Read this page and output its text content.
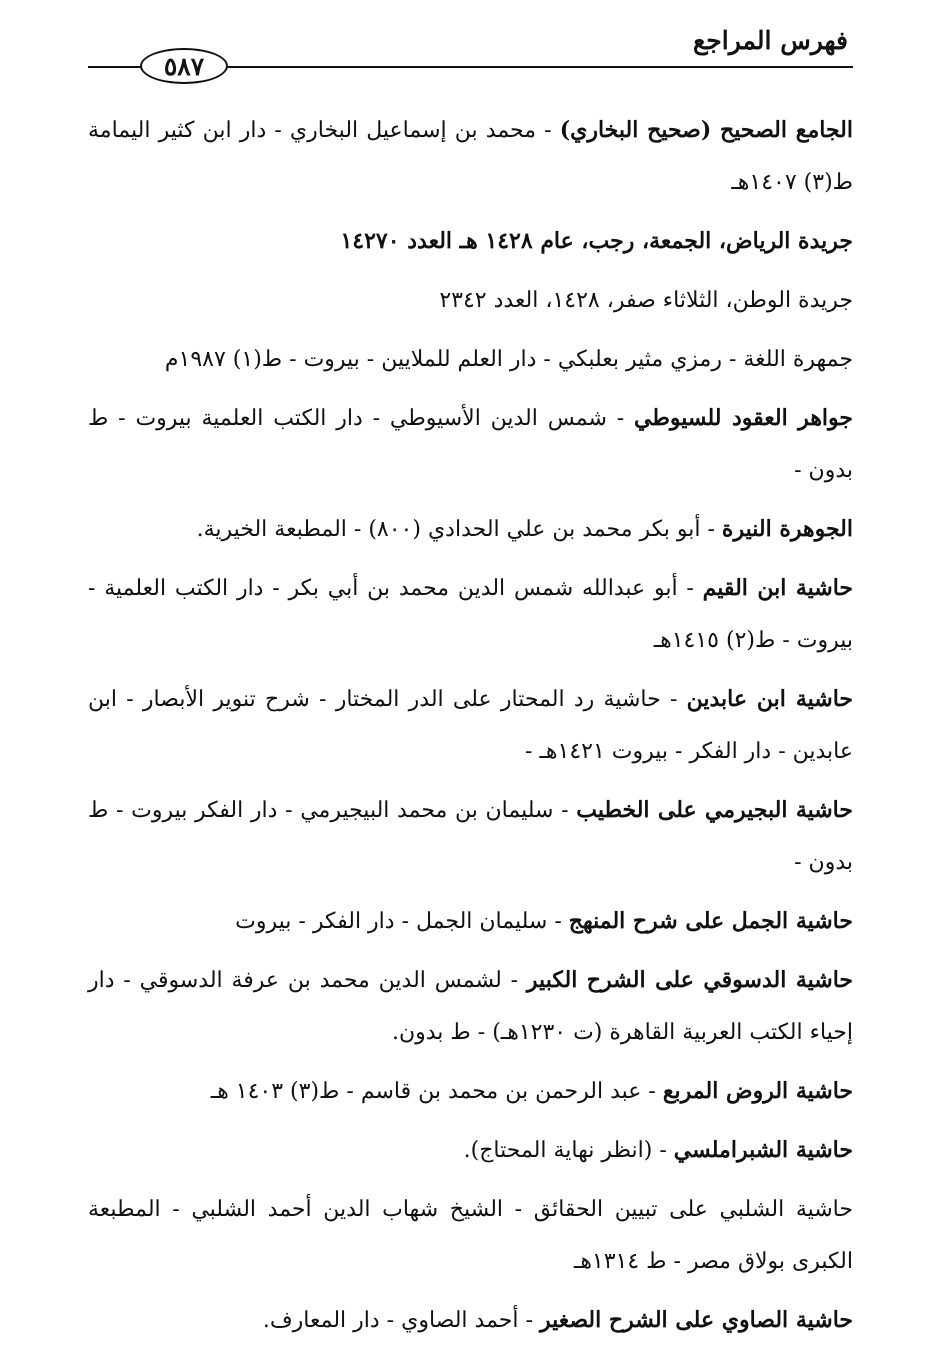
فهرس المراجع
٥٨٧

الجامع الصحيح (صحيح البخاري) - محمد بن إسماعيل البخاري - دار ابن كثير اليمامة ط(٣) ١٤٠٧هـ

جريدة الرياض، الجمعة، رجب، عام ١٤٢٨ هـ العدد ١٤٢٧٠

جريدة الوطن، الثلاثاء صفر، ١٤٢٨، العدد ٢٣٤٢

جمهرة اللغة - رمزي مثير بعلبكي - دار العلم للملايين - بيروت - ط(١) ١٩٨٧م

جواهر العقود للسيوطي - شمس الدين الأسيوطي - دار الكتب العلمية بيروت - ط بدون -

الجوهرة النيرة - أبو بكر محمد بن علي الحدادي (٨٠٠) - المطبعة الخيرية.

حاشية ابن القيم - أبو عبدالله شمس الدين محمد بن أبي بكر - دار الكتب العلمية - بيروت - ط(٢) ١٤١٥هـ

حاشية ابن عابدين - حاشية رد المحتار على الدر المختار - شرح تنوير الأبصار - ابن عابدين - دار الفكر - بيروت ١٤٢١هـ -

حاشية البجيرمي على الخطيب - سليمان بن محمد البيجيرمي - دار الفكر بيروت - ط بدون -

حاشية الجمل على شرح المنهج - سليمان الجمل - دار الفكر - بيروت

حاشية الدسوقي على الشرح الكبير - لشمس الدين محمد بن عرفة الدسوقي - دار إحياء الكتب العربية القاهرة (ت ١٢٣٠هـ) - ط بدون.

حاشية الروض المربع - عبد الرحمن بن محمد بن قاسم - ط(٣) ١٤٠٣ هـ

حاشية الشبراملسي - (انظر نهاية المحتاج).

حاشية الشلبي على تبيين الحقائق - الشيخ شهاب الدين أحمد الشلبي - المطبعة الكبرى بولاق مصر - ط ١٣١٤هـ

حاشية الصاوي على الشرح الصغير - أحمد الصاوي - دار المعارف.
